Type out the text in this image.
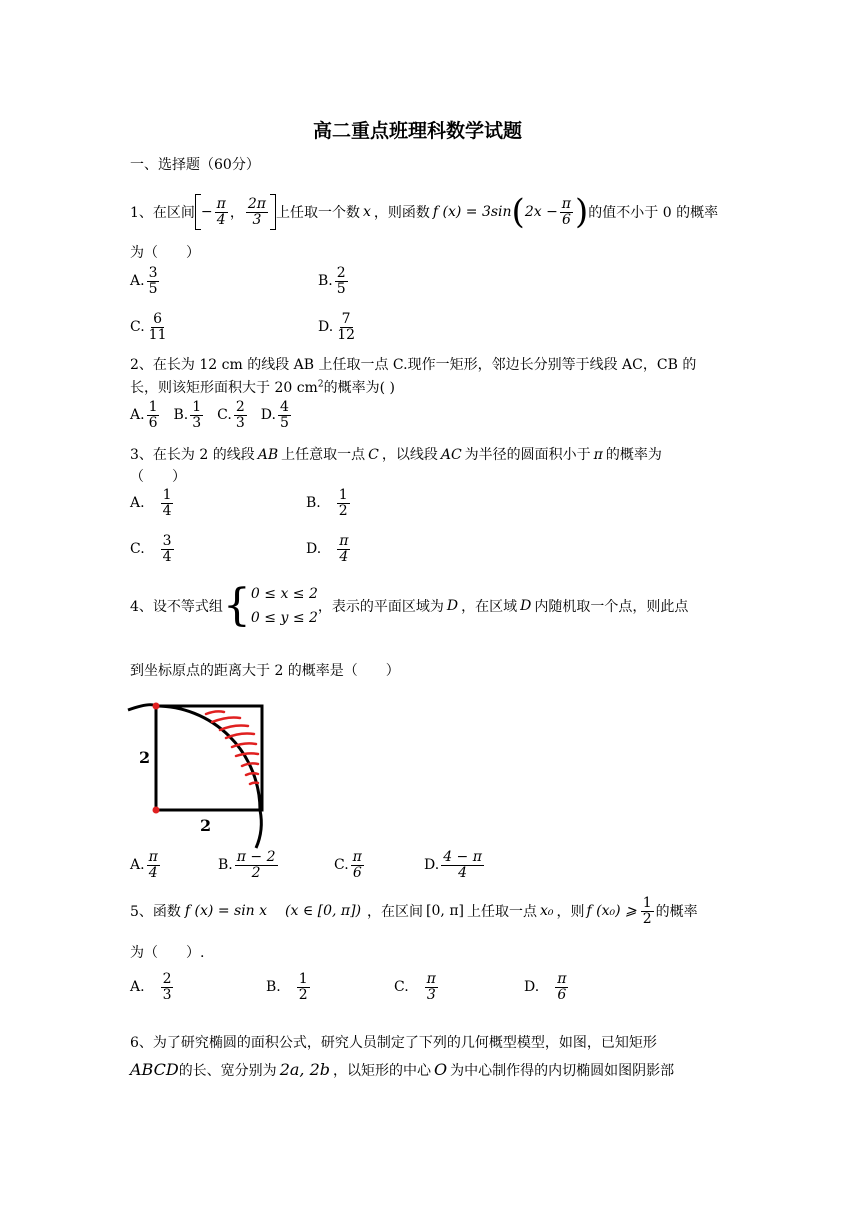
高二重点班理科数学试题
一、选择题（60分）
1、在区间 − $\frac{\pi}{4}$ ， $\frac{2\pi}{3}$ 上任取一个数 x ，则函数 f (x) = 3sin ( $2x - \frac{\pi}{6}$ ) 的值不小于 0 的概率
为（　　）
A. $\frac{3}{5}$	B. $\frac{2}{5}$
C. $\frac{6}{11}$	D. $\frac{7}{12}$
2、在长为 12 cm 的线段 AB 上任取一点 C.现作一矩形，邻边长分别等于线段 AC，CB 的
长，则该矩形面积大于 20 $cm^2$的概率为( )
A. $\frac{1}{6} B$. $\frac{1}{3} C$. $\frac{2}{3} D$. $\frac{4}{5}$
3、在长为 2 的线段 AB 上任意取一点 C ，以线段 AC 为半径的圆面积小于 π 的概率为
（　　）
A. $\frac{1}{4}$	B. $\frac{1}{2}$
C. $\frac{3}{4}$	D. $\frac{\pi}{4}$
4、设不等式组 { 0 ≤ x ≤ 2
0 ≤ y ≤ 2
，表示的平面区域为 D ，在区域 D 内随机取一个点，则此点
到坐标原点的距离大于 2 的概率是（　　）
2
2
A. $\frac{\pi}{4}$	B. $\frac{\pi - 2}{2}$	C. $\frac{\pi}{6}$	D. $\frac{4 - \pi}{4}$
5、函数 f (x) = sin x (x ∈ [0, π]) ，在区间 [0, π] 上任取一点 x₀ ，则 f (x₀) ⩾ $\frac{1}{2}$ 的概率
为（　　）.
A. $\frac{2}{3}$	B. $\frac{1}{2}$	C. $\frac{\pi}{3}$	D. $\frac{\pi}{6}$
6、为了研究椭圆的面积公式，研究人员制定了下列的几何概型模型，如图，已知矩形
ABCD的长、宽分别为 2a, 2b ，以矩形的中心 O 为中心制作得的内切椭圆如图阴影部
